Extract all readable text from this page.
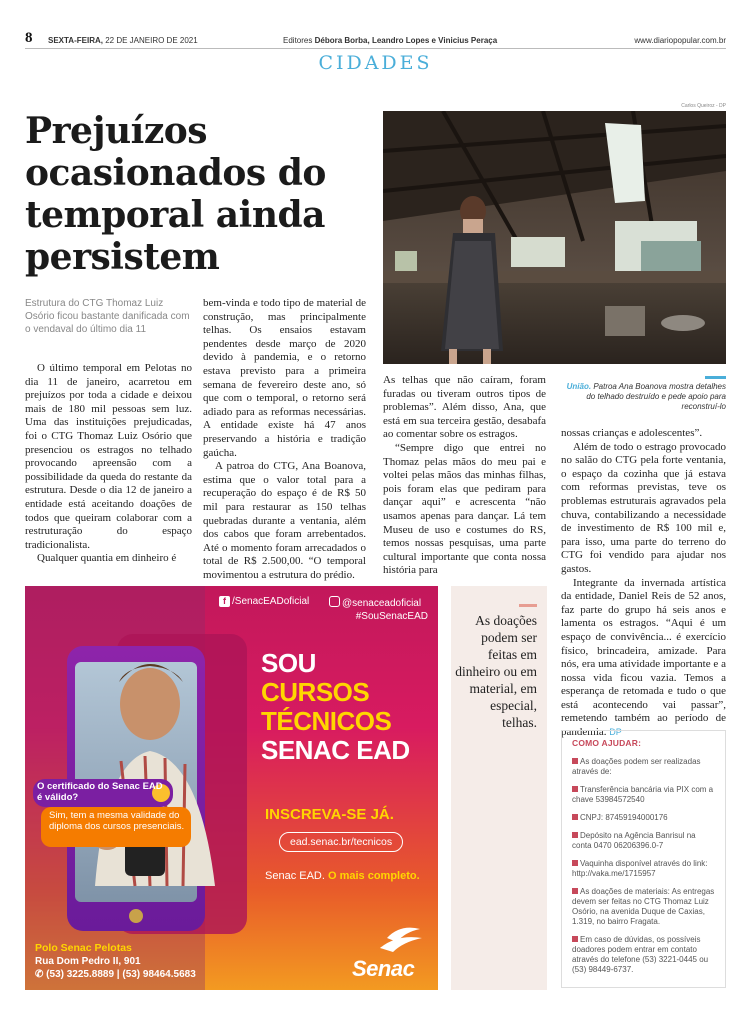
8 SEXTA-FEIRA, 22 DE JANEIRO DE 2021	Editores Débora Borba, Leandro Lopes e Vinicius Peraça	www.diariopopular.com.br
CIDADES
Prejuízos ocasionados do temporal ainda persistem
Estrutura do CTG Thomaz Luiz Osório ficou bastante danificada com o vendaval do último dia 11

O último temporal em Pelotas no dia 11 de janeiro, acarretou em prejuízos por toda a cidade e deixou mais de 180 mil pessoas sem luz. Uma das instituições prejudicadas, foi o CTG Thomaz Luiz Osório que presenciou os estragos no telhado provocando apreensão com a possibilidade da queda do restante da estrutura. Desde o dia 12 de janeiro a entidade está aceitando doações de todos que queiram colaborar com a restruturação do espaço tradicionalista.

Qualquer quantia em dinheiro é

bem-vinda e todo tipo de material de construção, mas principalmente telhas. Os ensaios estavam pendentes desde março de 2020 devido à pandemia, e o retorno estava previsto para a primeira semana de fevereiro deste ano, só que com o temporal, o retorno será adiado para as reformas necessárias. A entidade existe há 47 anos preservando a história e tradição gaúcha.

A patroa do CTG, Ana Boanova, estima que o valor total para a recuperação do espaço é de R$ 50 mil para restaurar as 150 telhas quebradas durante a ventania, além dos cabos que foram arrebentados. Até o momento foram arrecadados o total de R$ 2.500,00. “O temporal movimentou a estrutura do prédio.

Carlos Queiroz - DP
União. Patroa Ana Boanova mostra detalhes do telhado destruído e pede apoio para reconstruí-lo

As telhas que não caíram, foram furadas ou tiveram outros tipos de problemas”. Além disso, Ana, que está em sua terceira gestão, desabafa ao comentar sobre os estragos.

“Sempre digo que entrei no Thomaz pelas mãos do meu pai e voltei pelas mãos das minhas filhas, pois foram elas que pediram para dançar aqui” e acrescenta “não usamos apenas para dançar. Lá tem Museu de uso e costumes do RS, temos nossas pesquisas, uma parte cultural importante que conta nossa história para

nossas crianças e adolescentes”.

Além de todo o estrago provocado no salão do CTG pela forte ventania, o espaço da cozinha que já estava com reformas previstas, teve os problemas estruturais agravados pela chuva, contabilizando a necessidade de investimento de R$ 100 mil e, para isso, uma parte do terreno do CTG foi vendido para ajudar nos gastos.

Integrante da invernada artística da entidade, Daniel Reis de 52 anos, faz parte do grupo há seis anos e lamenta os estragos. “Aqui é um espaço de convivência... é exercício físico, brincadeira, amizade. Para nós, era uma atividade importante e a nossa vida ficou vazia. Temos a esperança de retomada e tudo o que está acontecendo vai passar”, remetendo também ao período de pandemia. DP

As doações podem ser feitas em dinheiro ou em material, em especial, telhas.
COMO AJUDAR:
As doações podem ser realizadas através de:
Transferência bancária via PIX com a chave 53984572540
CNPJ: 87459194000176
Depósito na Agência Banrisul na conta 0470 06206396.0-7
Vaquinha disponível através do link: http://vaka.me/1715957
As doações de materiais: As entregas devem ser feitas no CTG Thomaz Luiz Osório, na avenida Duque de Caxias, 1.319, no bairro Fragata.
Em caso de dúvidas, os possíveis doadores podem entrar em contato através do telefone (53) 3221-0445 ou (53) 98449-6737.
f /SenacEADoficial	@senaceadoficial
#SouSenacEAD
SOU
CURSOS TÉCNICOS
SENAC EAD
O certificado do Senac EAD é válido?
Sim, tem a mesma validade do diploma dos cursos presenciais.
INSCREVA-SE JÁ.
ead.senac.br/tecnicos
Senac EAD. O mais completo.
Polo Senac Pelotas
Rua Dom Pedro II, 901
✆ (53) 3225.8889 | (53) 98464.5683	Senac
